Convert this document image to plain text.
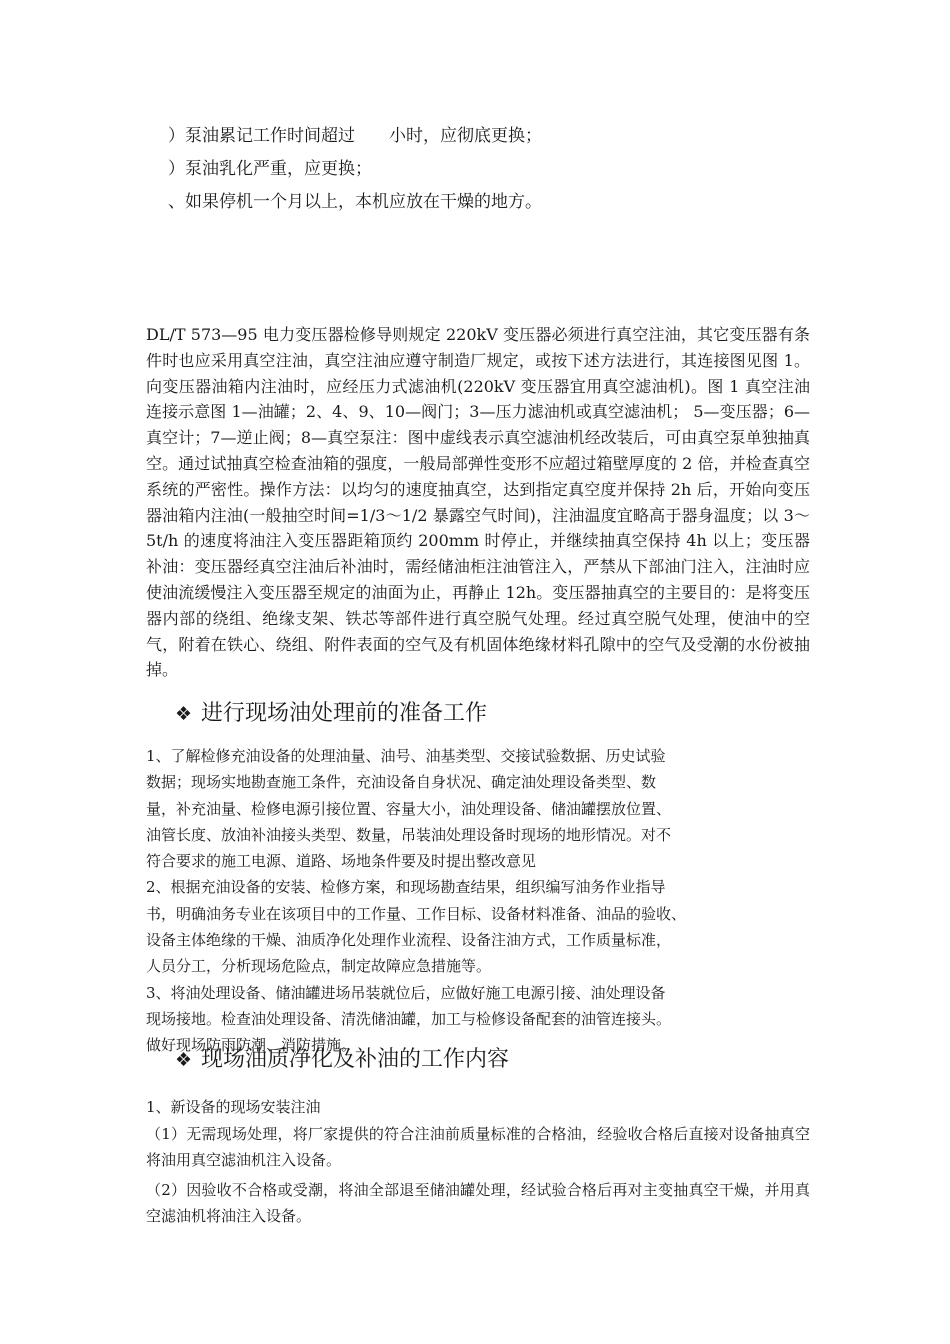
）泵油累记工作时间超过　　小时，应彻底更换；
）泵油乳化严重，应更换；
、如果停机一个月以上，本机应放在干燥的地方。
DL/T 573—95 电力变压器检修导则规定 220kV 变压器必须进行真空注油，其它变压器有条件时也应采用真空注油，真空注油应遵守制造厂规定，或按下述方法进行，其连接图见图 1。向变压器油箱内注油时，应经压力式滤油机(220kV 变压器宜用真空滤油机)。图 1 真空注油连接示意图 1—油罐；2、4、9、10—阀门；3—压力滤油机或真空滤油机； 5—变压器；6—真空计；7—逆止阀；8—真空泵注：图中虚线表示真空滤油机经改装后，可由真空泵单独抽真空。通过试抽真空检查油箱的强度，一般局部弹性变形不应超过箱壁厚度的 2 倍，并检查真空系统的严密性。操作方法：以均匀的速度抽真空，达到指定真空度并保持 2h 后，开始向变压器油箱内注油(一般抽空时间=1/3～1/2 暴露空气时间)，注油温度宜略高于器身温度；以 3～5t/h 的速度将油注入变压器距箱顶约 200mm 时停止，并继续抽真空保持 4h 以上；变压器补油：变压器经真空注油后补油时，需经储油柜注油管注入，严禁从下部油门注入，注油时应使油流缓慢注入变压器至规定的油面为止，再静止 12h。变压器抽真空的主要目的：是将变压器内部的绕组、绝缘支架、铁芯等部件进行真空脱气处理。经过真空脱气处理，使油中的空气，附着在铁心、绕组、附件表面的空气及有机固体绝缘材料孔隙中的空气及受潮的水份被抽掉。
❖ 进行现场油处理前的准备工作
1、了解检修充油设备的处理油量、油号、油基类型、交接试验数据、历史试验
数据；现场实地勘查施工条件，充油设备自身状况、确定油处理设备类型、数
量，补充油量、检修电源引接位置、容量大小，油处理设备、储油罐摆放位置、
油管长度、放油补油接头类型、数量，吊装油处理设备时现场的地形情况。对不
符合要求的施工电源、道路、场地条件要及时提出整改意见
2、根据充油设备的安装、检修方案，和现场勘查结果，组织编写油务作业指导
书，明确油务专业在该项目中的工作量、工作目标、设备材料准备、油品的验收、
设备主体绝缘的干燥、油质净化处理作业流程、设备注油方式，工作质量标准，
人员分工，分析现场危险点，制定故障应急措施等。
3、将油处理设备、储油罐进场吊装就位后，应做好施工电源引接、油处理设备
现场接地。检查油处理设备、清洗储油罐，加工与检修设备配套的油管连接头。
做好现场防雨防潮、消防措施。
❖ 现场油质净化及补油的工作内容
1、新设备的现场安装注油
（1）无需现场处理，将厂家提供的符合注油前质量标准的合格油，经验收合格后直接对设备抽真空将油用真空滤油机注入设备。
（2）因验收不合格或受潮，将油全部退至储油罐处理，经试验合格后再对主变抽真空干燥，并用真空滤油机将油注入设备。
